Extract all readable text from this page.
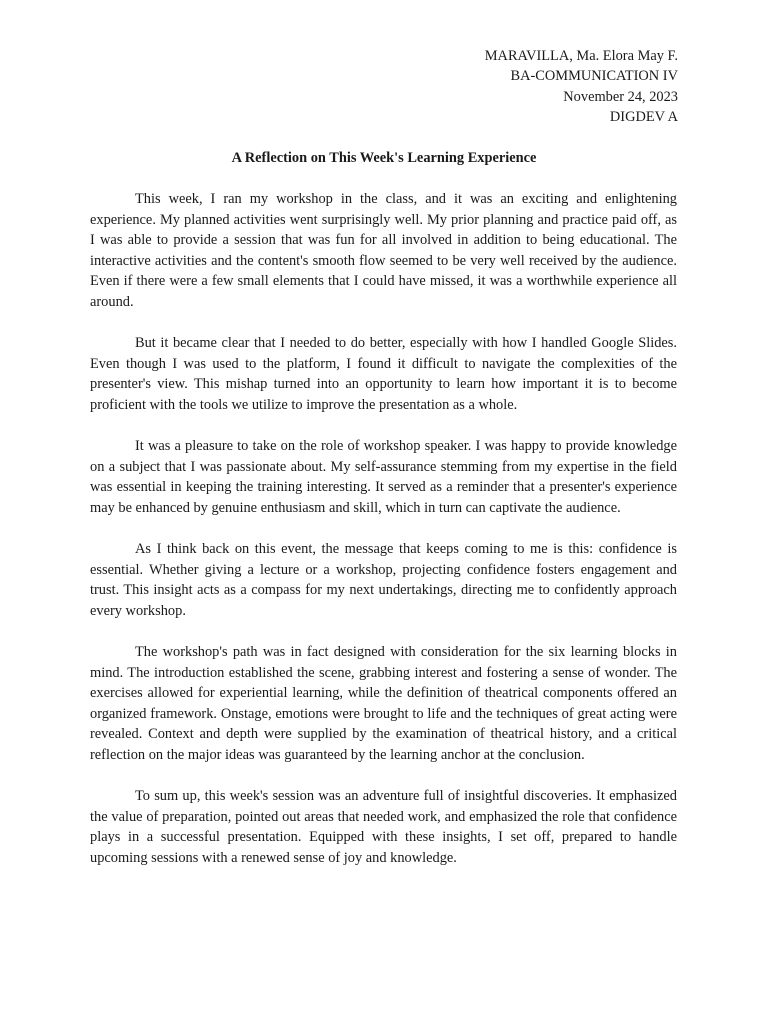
MARAVILLA, Ma. Elora May F.
BA-COMMUNICATION IV
November 24, 2023
DIGDEV A
A Reflection on This Week's Learning Experience

This week, I ran my workshop in the class, and it was an exciting and enlightening experience. My planned activities went surprisingly well. My prior planning and practice paid off, as I was able to provide a session that was fun for all involved in addition to being educational. The interactive activities and the content's smooth flow seemed to be very well received by the audience. Even if there were a few small elements that I could have missed, it was a worthwhile experience all around.

But it became clear that I needed to do better, especially with how I handled Google Slides. Even though I was used to the platform, I found it difficult to navigate the complexities of the presenter's view. This mishap turned into an opportunity to learn how important it is to become proficient with the tools we utilize to improve the presentation as a whole.

It was a pleasure to take on the role of workshop speaker. I was happy to provide knowledge on a subject that I was passionate about. My self-assurance stemming from my expertise in the field was essential in keeping the training interesting. It served as a reminder that a presenter's experience may be enhanced by genuine enthusiasm and skill, which in turn can captivate the audience.

As I think back on this event, the message that keeps coming to me is this: confidence is essential. Whether giving a lecture or a workshop, projecting confidence fosters engagement and trust. This insight acts as a compass for my next undertakings, directing me to confidently approach every workshop.

The workshop's path was in fact designed with consideration for the six learning blocks in mind. The introduction established the scene, grabbing interest and fostering a sense of wonder. The exercises allowed for experiential learning, while the definition of theatrical components offered an organized framework. Onstage, emotions were brought to life and the techniques of great acting were revealed. Context and depth were supplied by the examination of theatrical history, and a critical reflection on the major ideas was guaranteed by the learning anchor at the conclusion.

To sum up, this week's session was an adventure full of insightful discoveries. It emphasized the value of preparation, pointed out areas that needed work, and emphasized the role that confidence plays in a successful presentation. Equipped with these insights, I set off, prepared to handle upcoming sessions with a renewed sense of joy and knowledge.
